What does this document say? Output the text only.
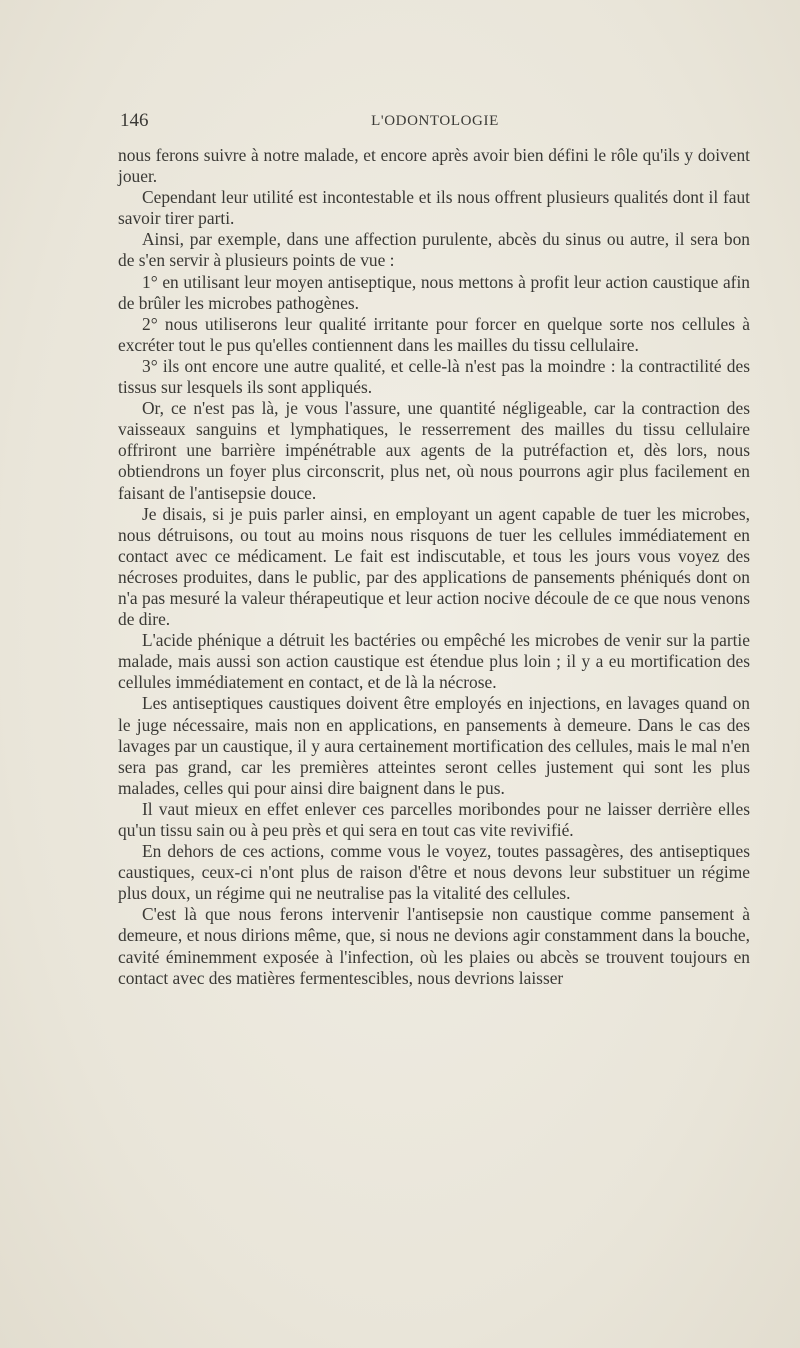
146	L'ODONTOLOGIE

nous ferons suivre à notre malade, et encore après avoir bien défini le rôle qu'ils y doivent jouer.

Cependant leur utilité est incontestable et ils nous offrent plusieurs qualités dont il faut savoir tirer parti.

Ainsi, par exemple, dans une affection purulente, abcès du sinus ou autre, il sera bon de s'en servir à plusieurs points de vue :

1° en utilisant leur moyen antiseptique, nous mettons à profit leur action caustique afin de brûler les microbes pathogènes.

2° nous utiliserons leur qualité irritante pour forcer en quelque sorte nos cellules à excréter tout le pus qu'elles contiennent dans les mailles du tissu cellulaire.

3° ils ont encore une autre qualité, et celle-là n'est pas la moindre : la contractilité des tissus sur lesquels ils sont appliqués.

Or, ce n'est pas là, je vous l'assure, une quantité négligeable, car la contraction des vaisseaux sanguins et lymphatiques, le resserrement des mailles du tissu cellulaire offriront une barrière impénétrable aux agents de la putréfaction et, dès lors, nous obtiendrons un foyer plus circonscrit, plus net, où nous pourrons agir plus facilement en faisant de l'antisepsie douce.

Je disais, si je puis parler ainsi, en employant un agent capable de tuer les microbes, nous détruisons, ou tout au moins nous risquons de tuer les cellules immédiatement en contact avec ce médicament. Le fait est indiscutable, et tous les jours vous voyez des nécroses produites, dans le public, par des applications de pansements phéniqués dont on n'a pas mesuré la valeur thérapeutique et leur action nocive découle de ce que nous venons de dire.

L'acide phénique a détruit les bactéries ou empêché les microbes de venir sur la partie malade, mais aussi son action caustique est étendue plus loin ; il y a eu mortification des cellules immédiatement en contact, et de là la nécrose.

Les antiseptiques caustiques doivent être employés en injections, en lavages quand on le juge nécessaire, mais non en applications, en pansements à demeure. Dans le cas des lavages par un caustique, il y aura certainement mortification des cellules, mais le mal n'en sera pas grand, car les premières atteintes seront celles justement qui sont les plus malades, celles qui pour ainsi dire baignent dans le pus.

Il vaut mieux en effet enlever ces parcelles moribondes pour ne laisser derrière elles qu'un tissu sain ou à peu près et qui sera en tout cas vite revivifié.

En dehors de ces actions, comme vous le voyez, toutes passagères, des antiseptiques caustiques, ceux-ci n'ont plus de raison d'être et nous devons leur substituer un régime plus doux, un régime qui ne neutralise pas la vitalité des cellules.

C'est là que nous ferons intervenir l'antisepsie non caustique comme pansement à demeure, et nous dirions même, que, si nous ne devions agir constamment dans la bouche, cavité éminemment exposée à l'infection, où les plaies ou abcès se trouvent toujours en contact avec des matières fermentescibles, nous devrions laisser
